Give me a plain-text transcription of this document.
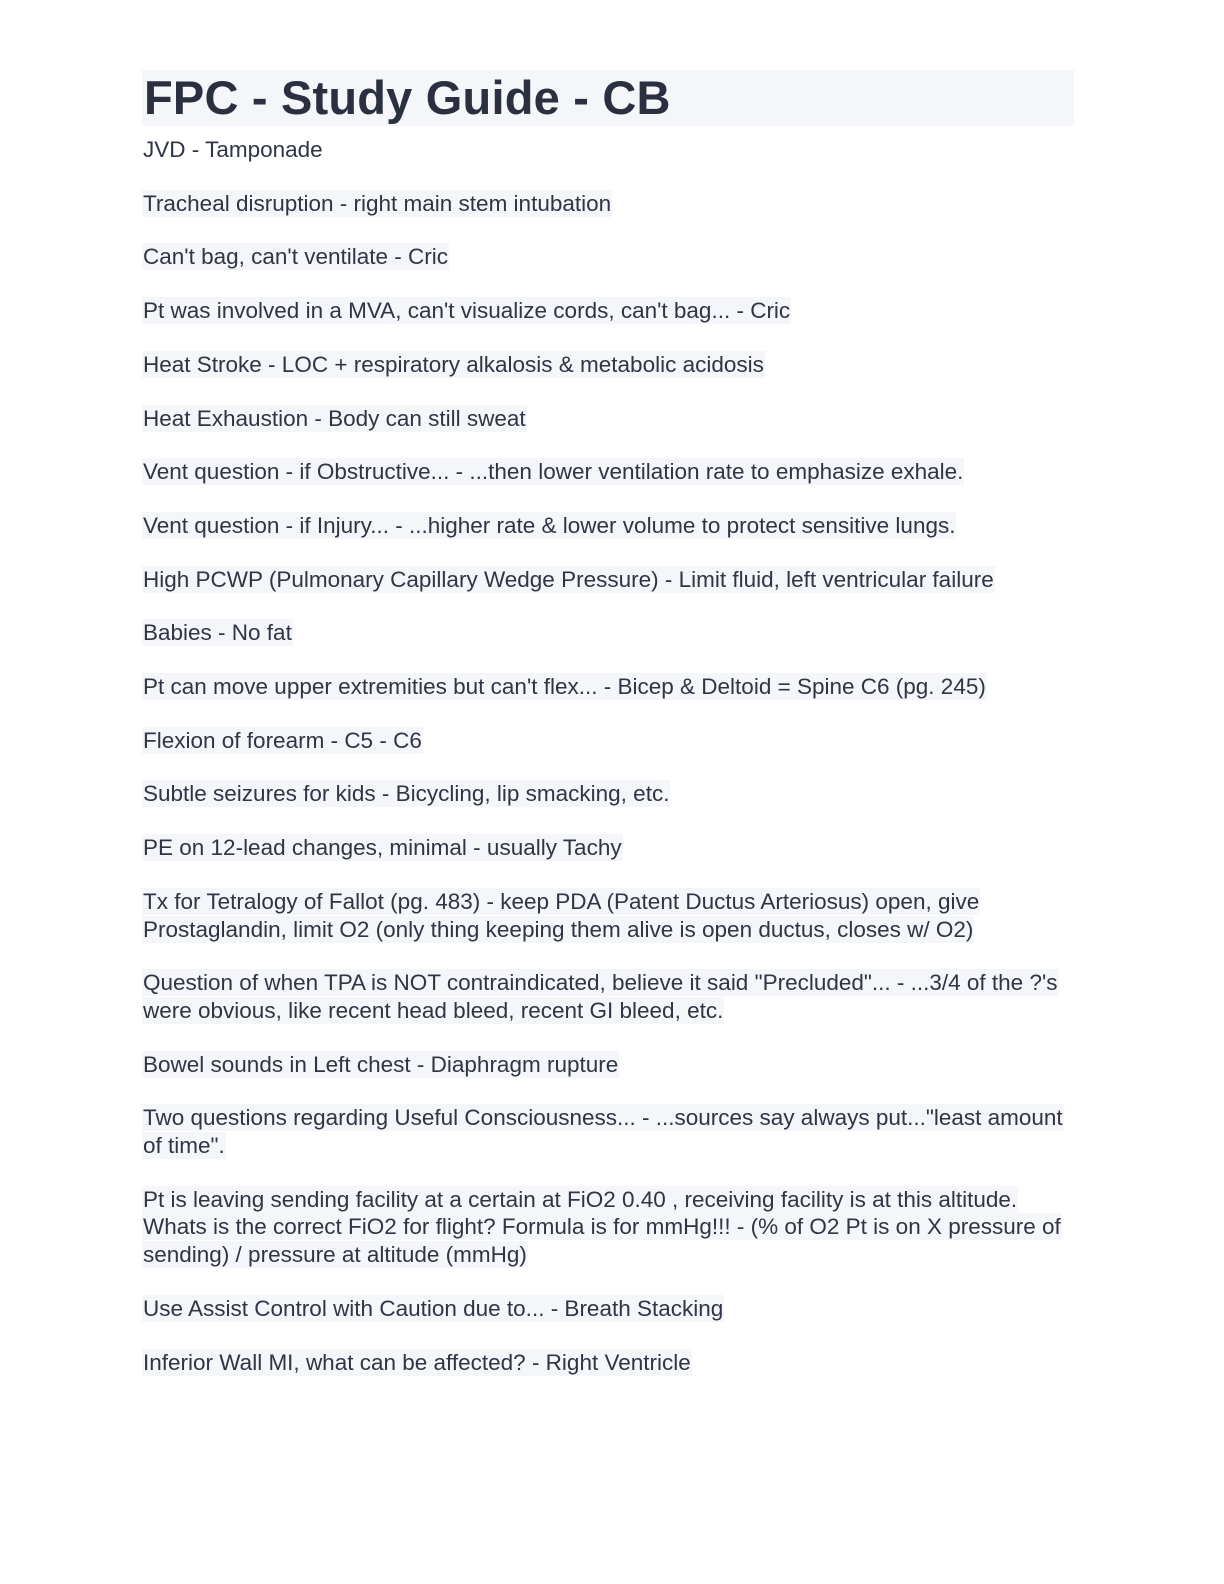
FPC - Study Guide - CB
JVD - Tamponade
Tracheal disruption - right main stem intubation
Can't bag, can't ventilate - Cric
Pt was involved in a MVA, can't visualize cords, can't bag... - Cric
Heat Stroke - LOC + respiratory alkalosis & metabolic acidosis
Heat Exhaustion - Body can still sweat
Vent question - if Obstructive... - ...then lower ventilation rate to emphasize exhale.
Vent question - if Injury... - ...higher rate & lower volume to protect sensitive lungs.
High PCWP (Pulmonary Capillary Wedge Pressure) - Limit fluid, left ventricular failure
Babies - No fat
Pt can move upper extremities but can't flex... - Bicep & Deltoid = Spine C6 (pg. 245)
Flexion of forearm - C5 - C6
Subtle seizures for kids - Bicycling, lip smacking, etc.
PE on 12-lead changes, minimal - usually Tachy
Tx for Tetralogy of Fallot (pg. 483) - keep PDA (Patent Ductus Arteriosus) open, give Prostaglandin, limit O2 (only thing keeping them alive is open ductus, closes w/ O2)
Question of when TPA is NOT contraindicated, believe it said "Precluded"... - ...3/4 of the ?'s were obvious, like recent head bleed, recent GI bleed, etc.
Bowel sounds in Left chest - Diaphragm rupture
Two questions regarding Useful Consciousness... - ...sources say always put..."least amount of time".
Pt is leaving sending facility at a certain at FiO2 0.40 , receiving facility is at this altitude. Whats is the correct FiO2 for flight? Formula is for mmHg!!! - (% of O2 Pt is on X pressure of sending) / pressure at altitude (mmHg)
Use Assist Control with Caution due to... - Breath Stacking
Inferior Wall MI, what can be affected? - Right Ventricle
